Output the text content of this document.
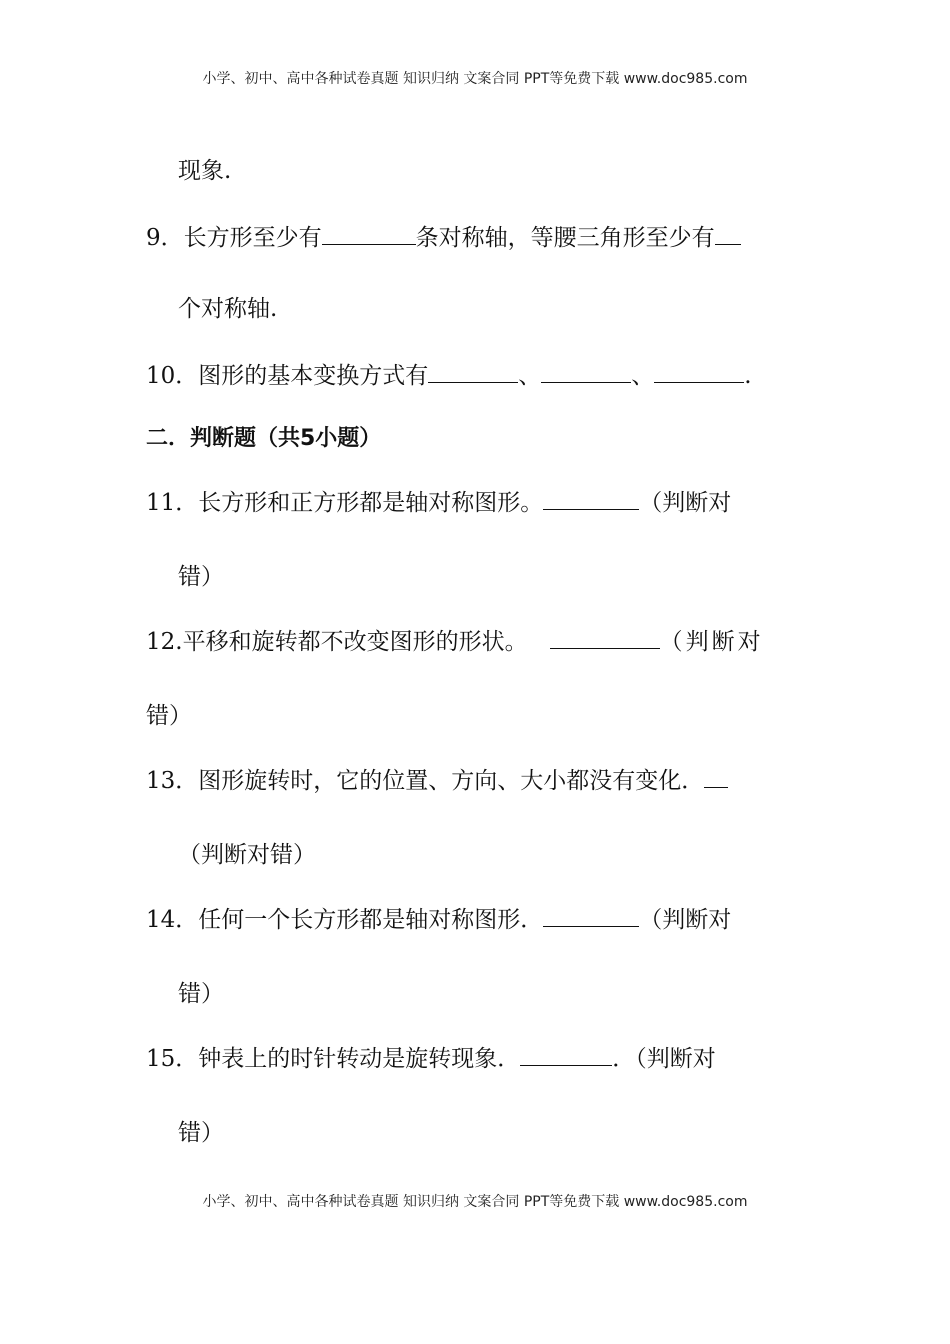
小学、初中、高中各种试卷真题 知识归纳 文案合同 PPT等免费下载 www.doc985.com
现象.
9．长方形至少有	条对称轴，等腰三角形至少有
个对称轴.
10．图形的基本变换方式有	、	、	.
二．判断题（共5小题）
11．长方形和正方形都是轴对称图形。	（判断对
错）
12.平移和旋转都不改变图形的形状。	（判断对
错）
13．图形旋转时，它的位置、方向、大小都没有变化．
（判断对错）
14．任何一个长方形都是轴对称图形．	（判断对
错）
15．钟表上的时针转动是旋转现象．	．（判断对
错）
小学、初中、高中各种试卷真题 知识归纳 文案合同 PPT等免费下载 www.doc985.com
